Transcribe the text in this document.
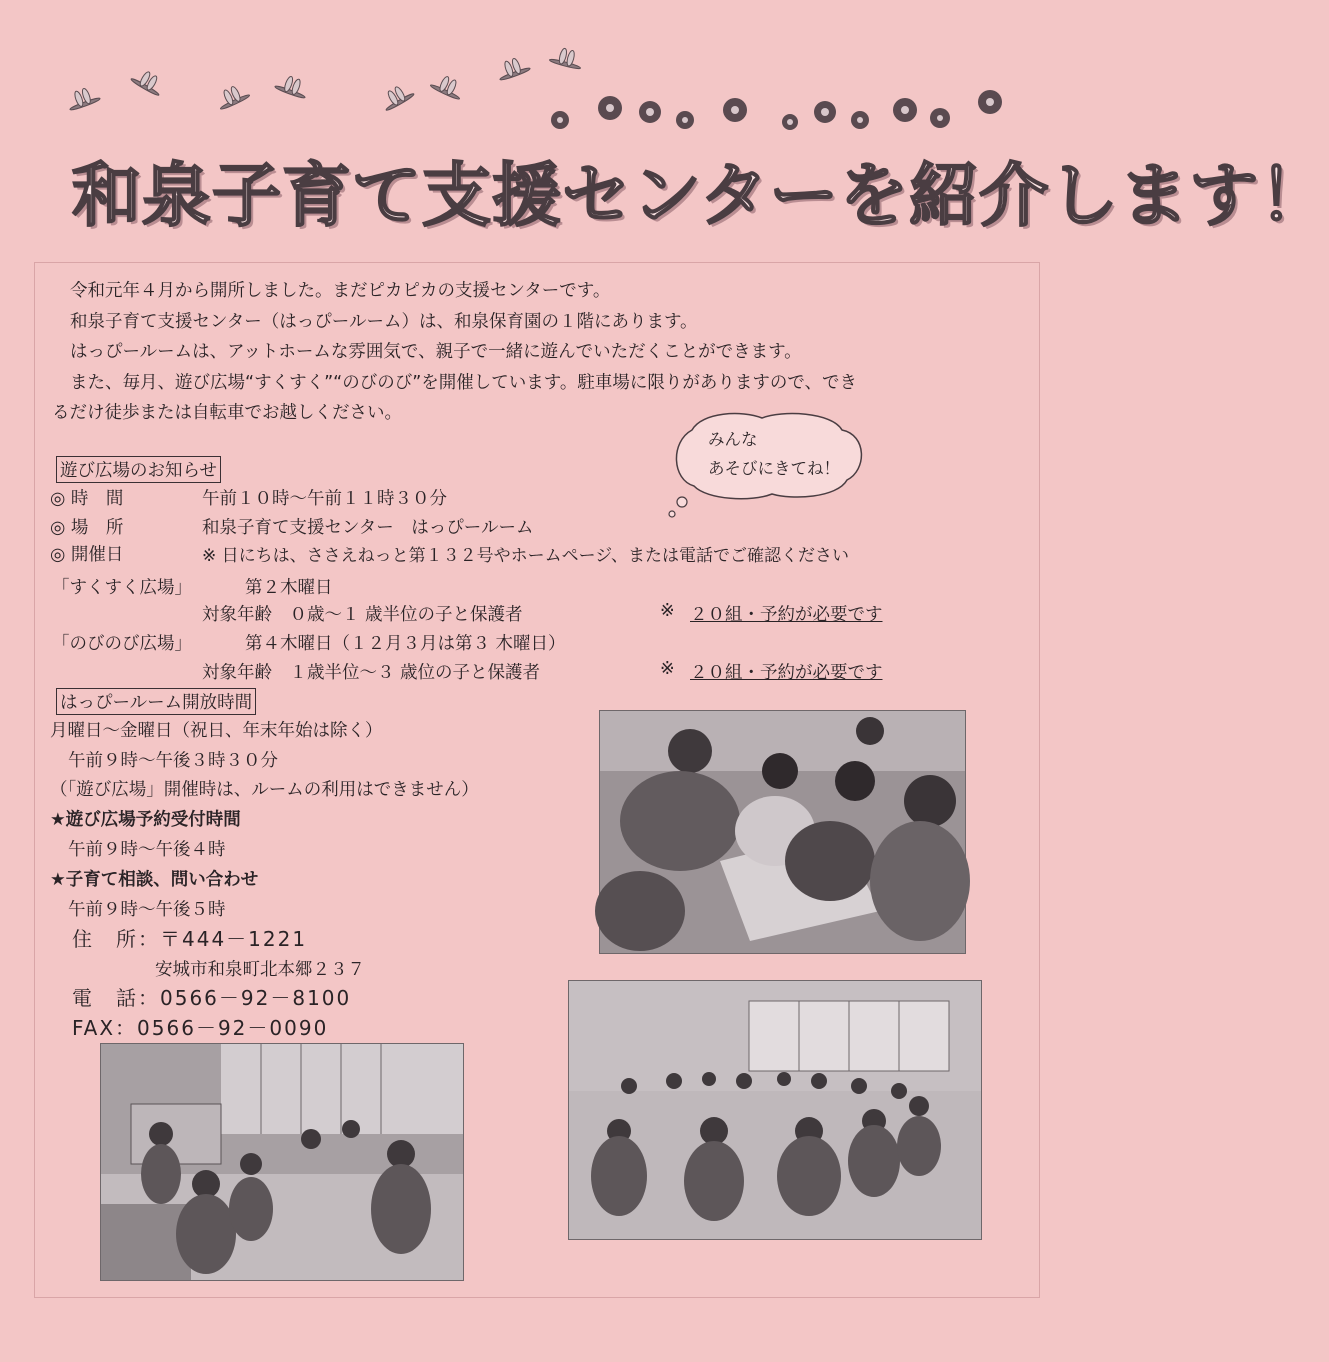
和泉子育て支援センターを紹介します！

令和元年４月から開所しました。まだピカピカの支援センターです。

和泉子育て支援センター（はっぴールーム）は、和泉保育園の１階にあります。

はっぴールームは、アットホームな雰囲気で、親子で一緒に遊んでいただくことができます。

また、毎月、遊び広場“すくすく”“のびのび”を開催しています。駐車場に限りがありますので、でき

るだけ徒歩または自転車でお越しください。

みんな
あそびにきてね！
遊び広場のお知らせ
◎ 時　間	午前１０時～午前１１時３０分
◎ 場　所	和泉子育て支援センター　はっぴールーム
◎ 開催日	※ 日にちは、ささえねっと第１３２号やホームページ、または電話でご確認ください
「すくすく広場」	第２木曜日
対象年齢　０歳～１ 歳半位の子と保護者	※ ２０組・予約が必要です
「のびのび広場」	第４木曜日（１２月３月は第３ 木曜日）
対象年齢　１歳半位～３ 歳位の子と保護者	※ ２０組・予約が必要です
はっぴールーム開放時間
月曜日～金曜日（祝日、年末年始は除く）
午前９時～午後３時３０分
（「遊び広場」開催時は、ルームの利用はできません）
★遊び広場予約受付時間
午前９時～午後４時
★子育て相談、問い合わせ
午前９時～午後５時
住　所：〒444－1221
安城市和泉町北本郷２３７
電　話：0566－92－8100
FAX：0566－92－0090
